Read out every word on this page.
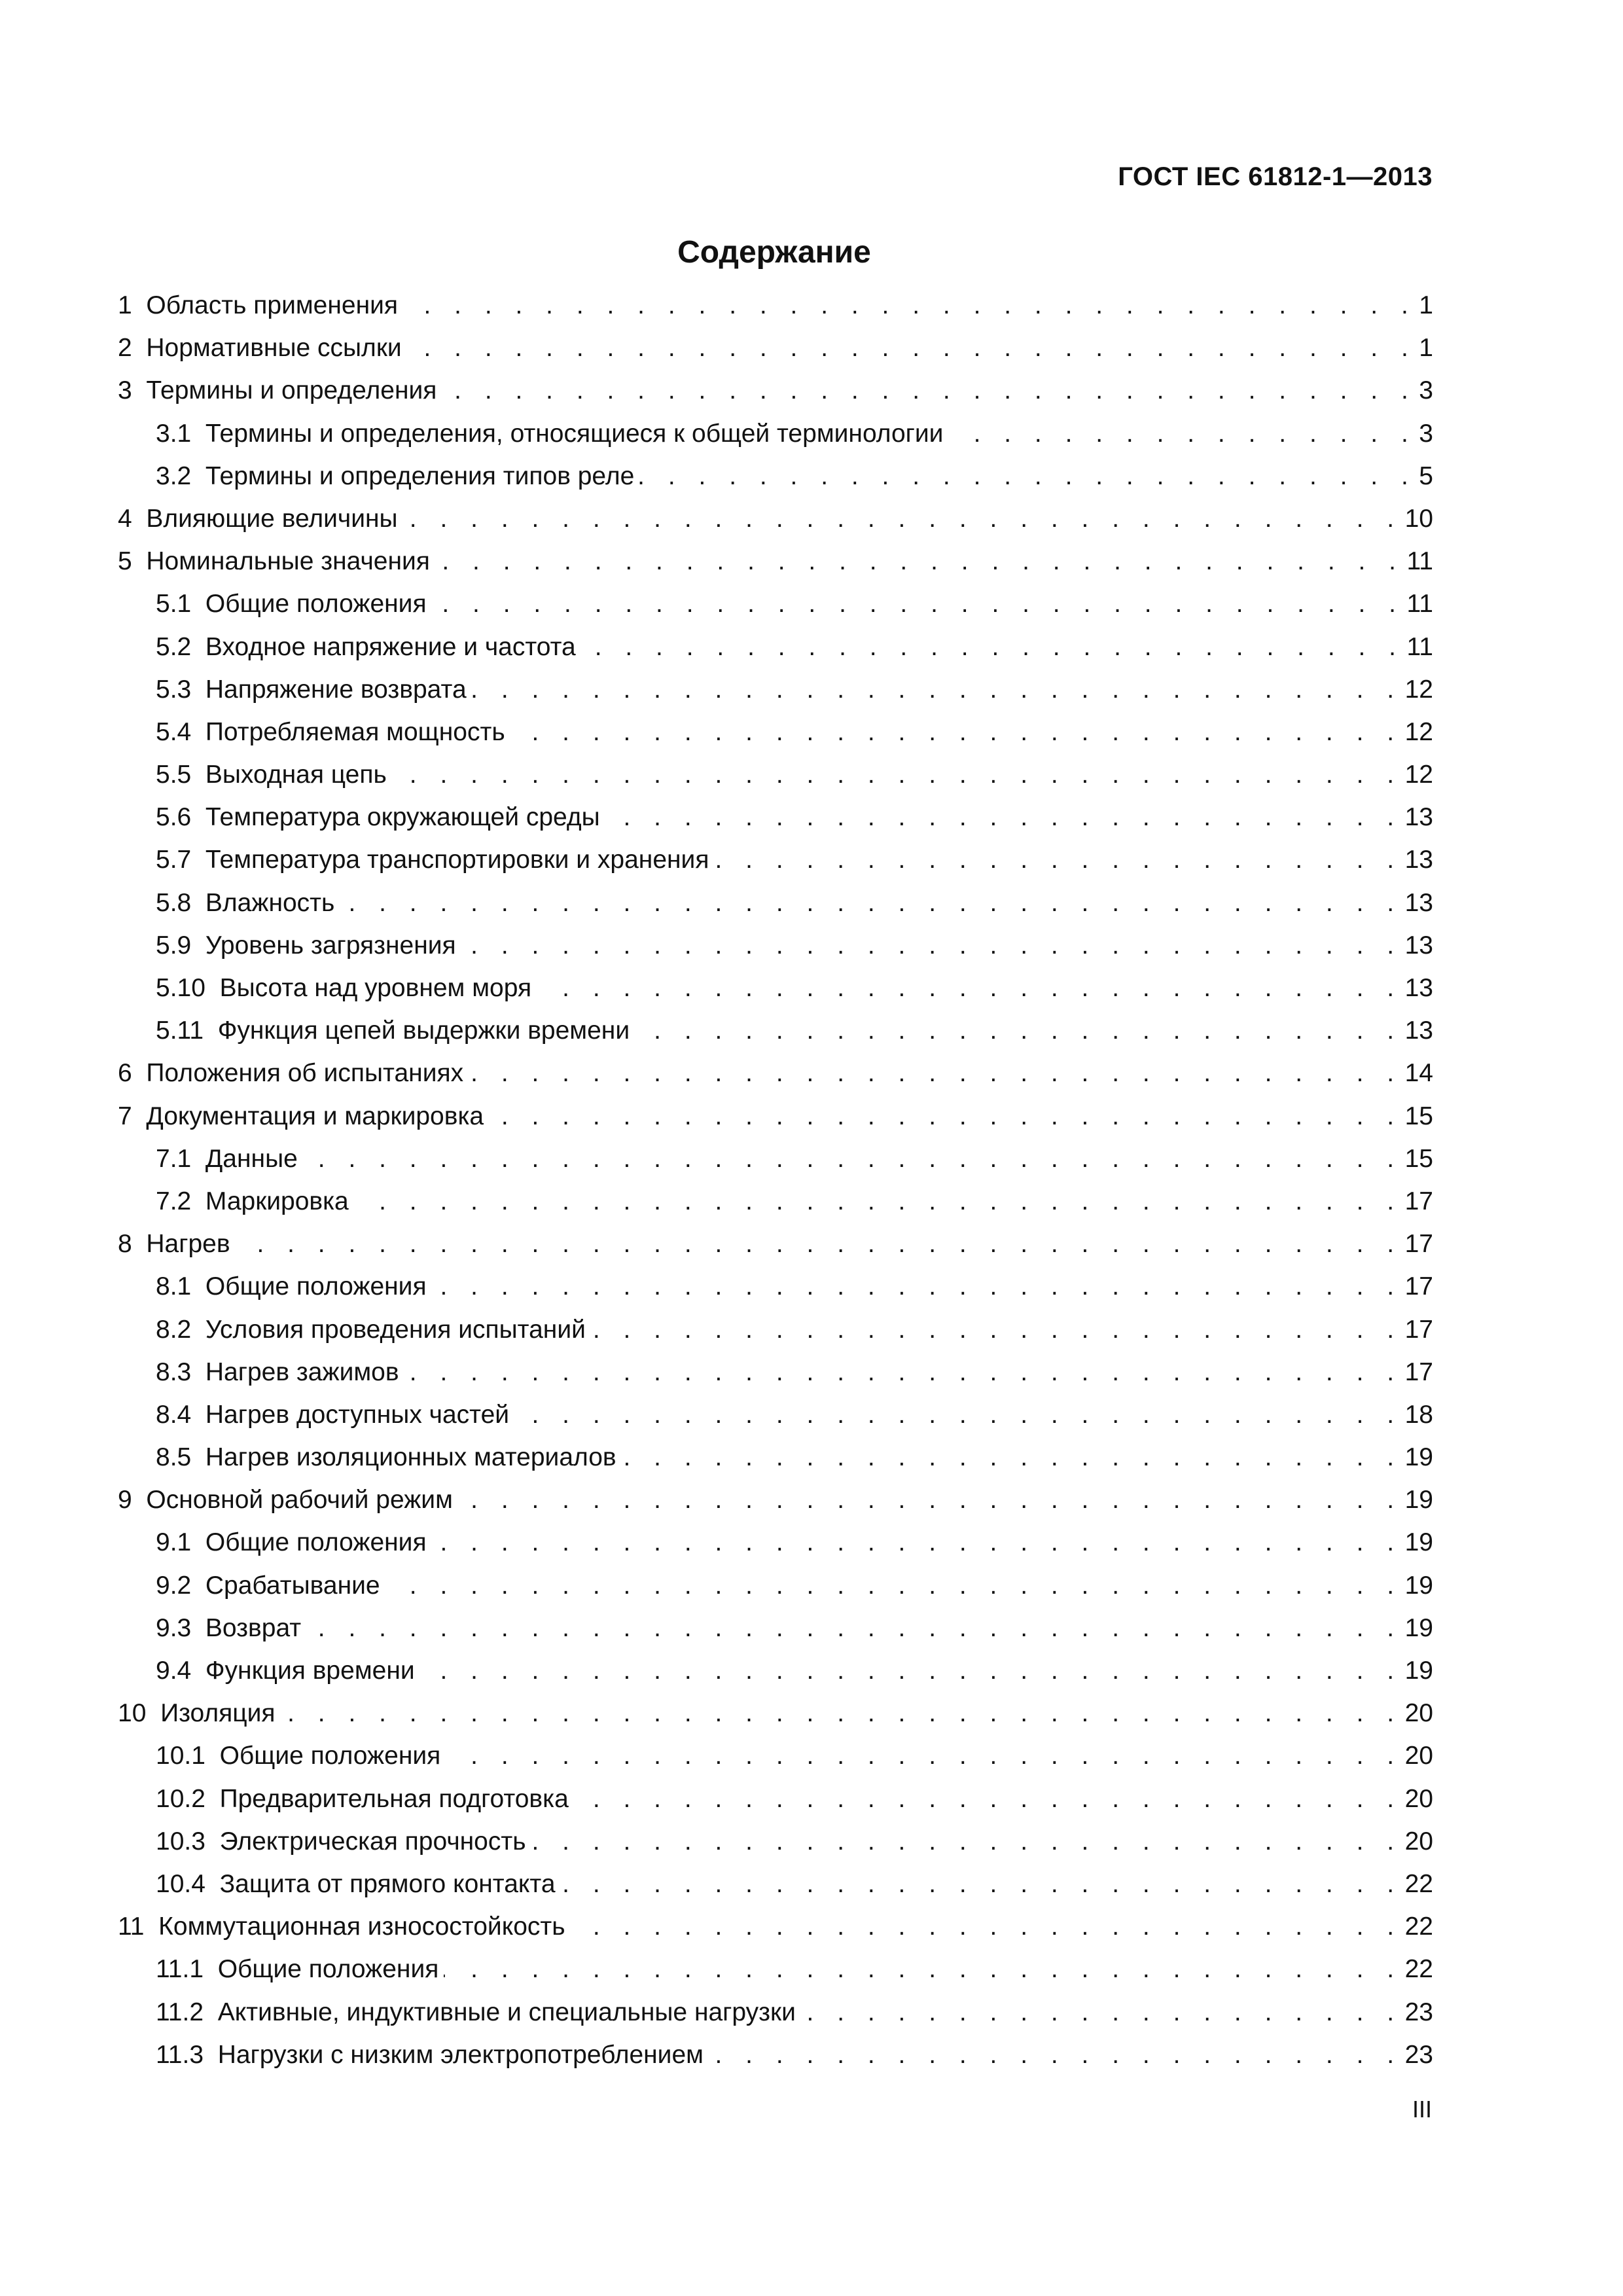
ГОСТ IEC 61812-1—2013
Содержание
1 Область применения . . .	1
2 Нормативные ссылки . . .	1
3 Термины и определения . . .	3
3.1 Термины и определения, относящиеся к общей терминологии . . .	3
3.2 Термины и определения типов реле . . .	5
4 Влияющие величины . . .	10
5 Номинальные значения . . .	11
5.1 Общие положения . . .	11
5.2 Входное напряжение и частота . . .	11
5.3 Напряжение возврата . . .	12
5.4 Потребляемая мощность . . .	12
5.5 Выходная цепь . . .	12
5.6 Температура окружающей среды . . .	13
5.7 Температура транспортировки и хранения . . .	13
5.8 Влажность . . .	13
5.9 Уровень загрязнения . . .	13
5.10 Высота над уровнем моря . . .	13
5.11 Функция цепей выдержки времени . . .	13
6 Положения об испытаниях . . .	14
7 Документация и маркировка . . .	15
7.1 Данные . . .	15
7.2 Маркировка . . .	17
8 Нагрев . . .	17
8.1 Общие положения . . .	17
8.2 Условия проведения испытаний . . .	17
8.3 Нагрев зажимов . . .	17
8.4 Нагрев доступных частей . . .	18
8.5 Нагрев изоляционных материалов . . .	19
9 Основной рабочий режим . . .	19
9.1 Общие положения . . .	19
9.2 Срабатывание . . .	19
9.3 Возврат . . .	19
9.4 Функция времени . . .	19
10 Изоляция . . .	20
10.1 Общие положения . . .	20
10.2 Предварительная подготовка . . .	20
10.3 Электрическая прочность . . .	20
10.4 Защита от прямого контакта . . .	22
11 Коммутационная износостойкость . . .	22
11.1 Общие положения . . .	22
11.2 Активные, индуктивные и специальные нагрузки . . .	23
11.3 Нагрузки с низким электропотреблением . . .	23
III
